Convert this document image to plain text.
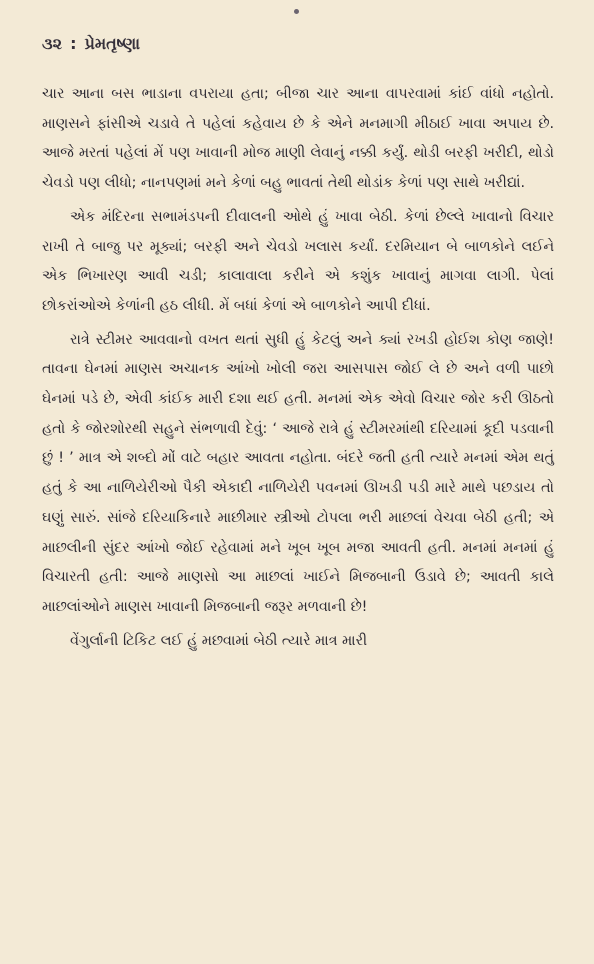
૩૨ : પ્રેમતૃષ્ણા

ચાર આના બસ ભાડાના વપરાયા હતા; બીજા ચાર આના વાપરવામાં કાંઈ વાંધો નહોતો. માણસને ફાંસીએ ચડાવે તે પહેલાં કહેવાય છે કે એને મનમાગી મીઠાઈ ખાવા અપાય છે. આજે મરતાં પહેલાં મેં પણ ખાવાની મોજ માણી લેવાનું નક્કી કર્યું. થોડી બરફી ખરીદી, થોડો ચેવડો પણ લીધો; નાનપણમાં મને કેળાં બહુ ભાવતાં તેથી થોડાંક કેળાં પણ સાથે ખરીદ્યાં.

એક મંદિરના સભામંડપની દીવાલની ઓથે હું ખાવા બેઠી. કેળાં છેલ્લે ખાવાનો વિચાર રાખી તે બાજુ પર મૂક્યાં; બરફી અને ચેવડો ખલાસ કર્યાં. દરમિયાન બે બાળકોને લઈને એક ભિખારણ આવી ચડી; કાલાવાલા કરીને એ કશુંક ખાવાનું માગવા લાગી. પેલાં છોકરાંઓએ કેળાંની હઠ લીધી. મેં બધાં કેળાં એ બાળકોને આપી દીધાં.

રાત્રે સ્ટીમર આવવાનો વખત થતાં સુધી હું કેટલું અને ક્યાં રખડી હોઈશ કોણ જાણે! તાવના ઘેનમાં માણસ અચાનક આંખો ખોલી જરા આસપાસ જોઈ લે છે અને વળી પાછો ઘેનમાં પડે છે, એવી કાંઈક મારી દશા થઈ હતી. મનમાં એક એવો વિચાર જોર કરી ઊઠતો હતો કે જોરશોરથી સહુને સંભળાવી દેવું: ‘ આજે રાત્રે હું સ્ટીમરમાંથી દરિયામાં કૂદી પડવાની છું ! ’ માત્ર એ શબ્દો મોં વાટે બહાર આવતા નહોતા. બંદરે જતી હતી ત્યારે મનમાં એમ થતું હતું કે આ નાળિયેરીઓ પૈકી એકાદી નાળિયેરી પવનમાં ઊખડી પડી મારે માથે પછડાય તો ઘણું સારું. સાંજે દરિયાકિનારે માછીમાર સ્ત્રીઓ ટોપલા ભરી માછલાં વેચવા બેઠી હતી; એ માછલીની સુંદર આંખો જોઈ રહેવામાં મને ખૂબ ખૂબ મજા આવતી હતી. મનમાં મનમાં હું વિચારતી હતી: આજે માણસો આ માછલાં ખાઈને મિજબાની ઉડાવે છે; આવતી કાલે માછલાંઓને માણસ ખાવાની મિજબાની જરૂર મળવાની છે!

વેંગુર્લાની ટિકિટ લઈ હું મછવામાં બેઠી ત્યારે માત્ર મારી
